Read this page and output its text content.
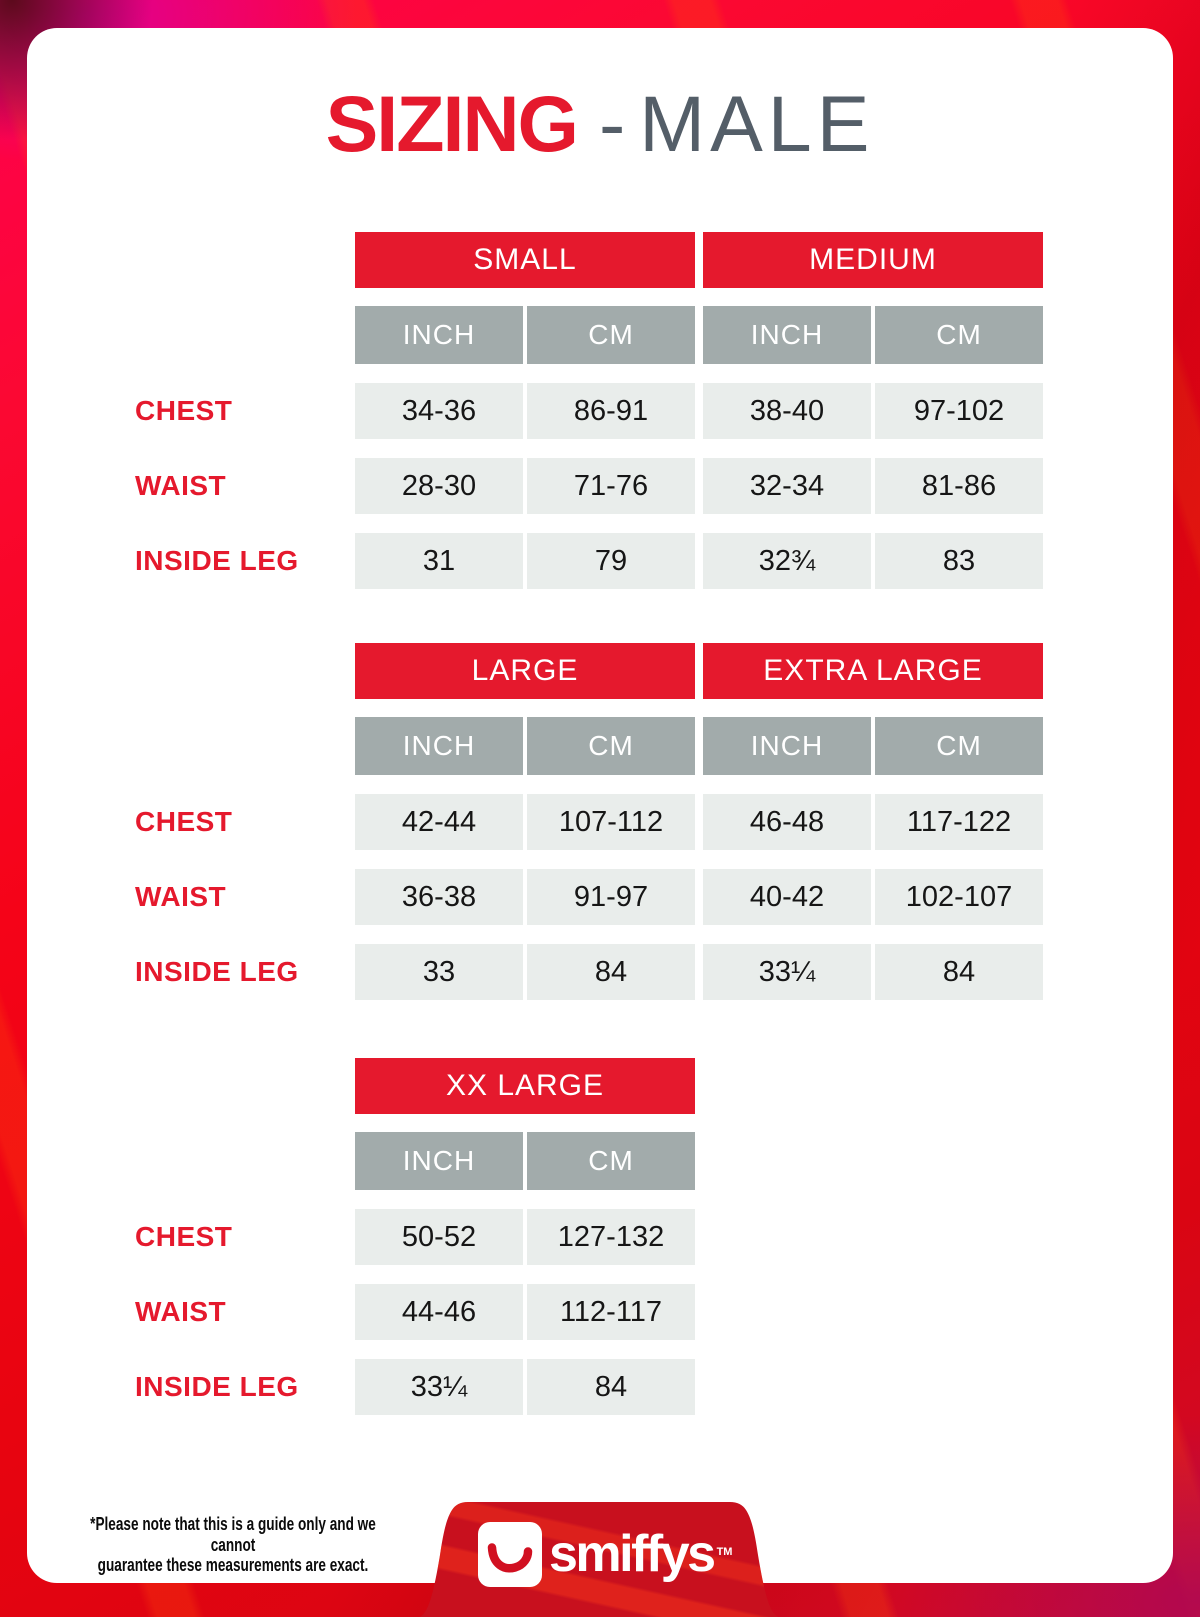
SIZING - MALE
SMALL	MEDIUM
INCH	CM	INCH	CM
CHEST	34-36	86-91	38-40	97-102
WAIST	28-30	71-76	32-34	81-86
INSIDE LEG	31	79	32¾	83
LARGE	EXTRA LARGE
INCH	CM	INCH	CM
CHEST	42-44	107-112	46-48	117-122
WAIST	36-38	91-97	40-42	102-107
INSIDE LEG	33	84	33¼	84
XX LARGE
INCH	CM
CHEST	50-52	127-132
WAIST	44-46	112-117
INSIDE LEG	33¼	84
*Please note that this is a guide only and we cannot
guarantee these measurements are exact.	smiffys ™
